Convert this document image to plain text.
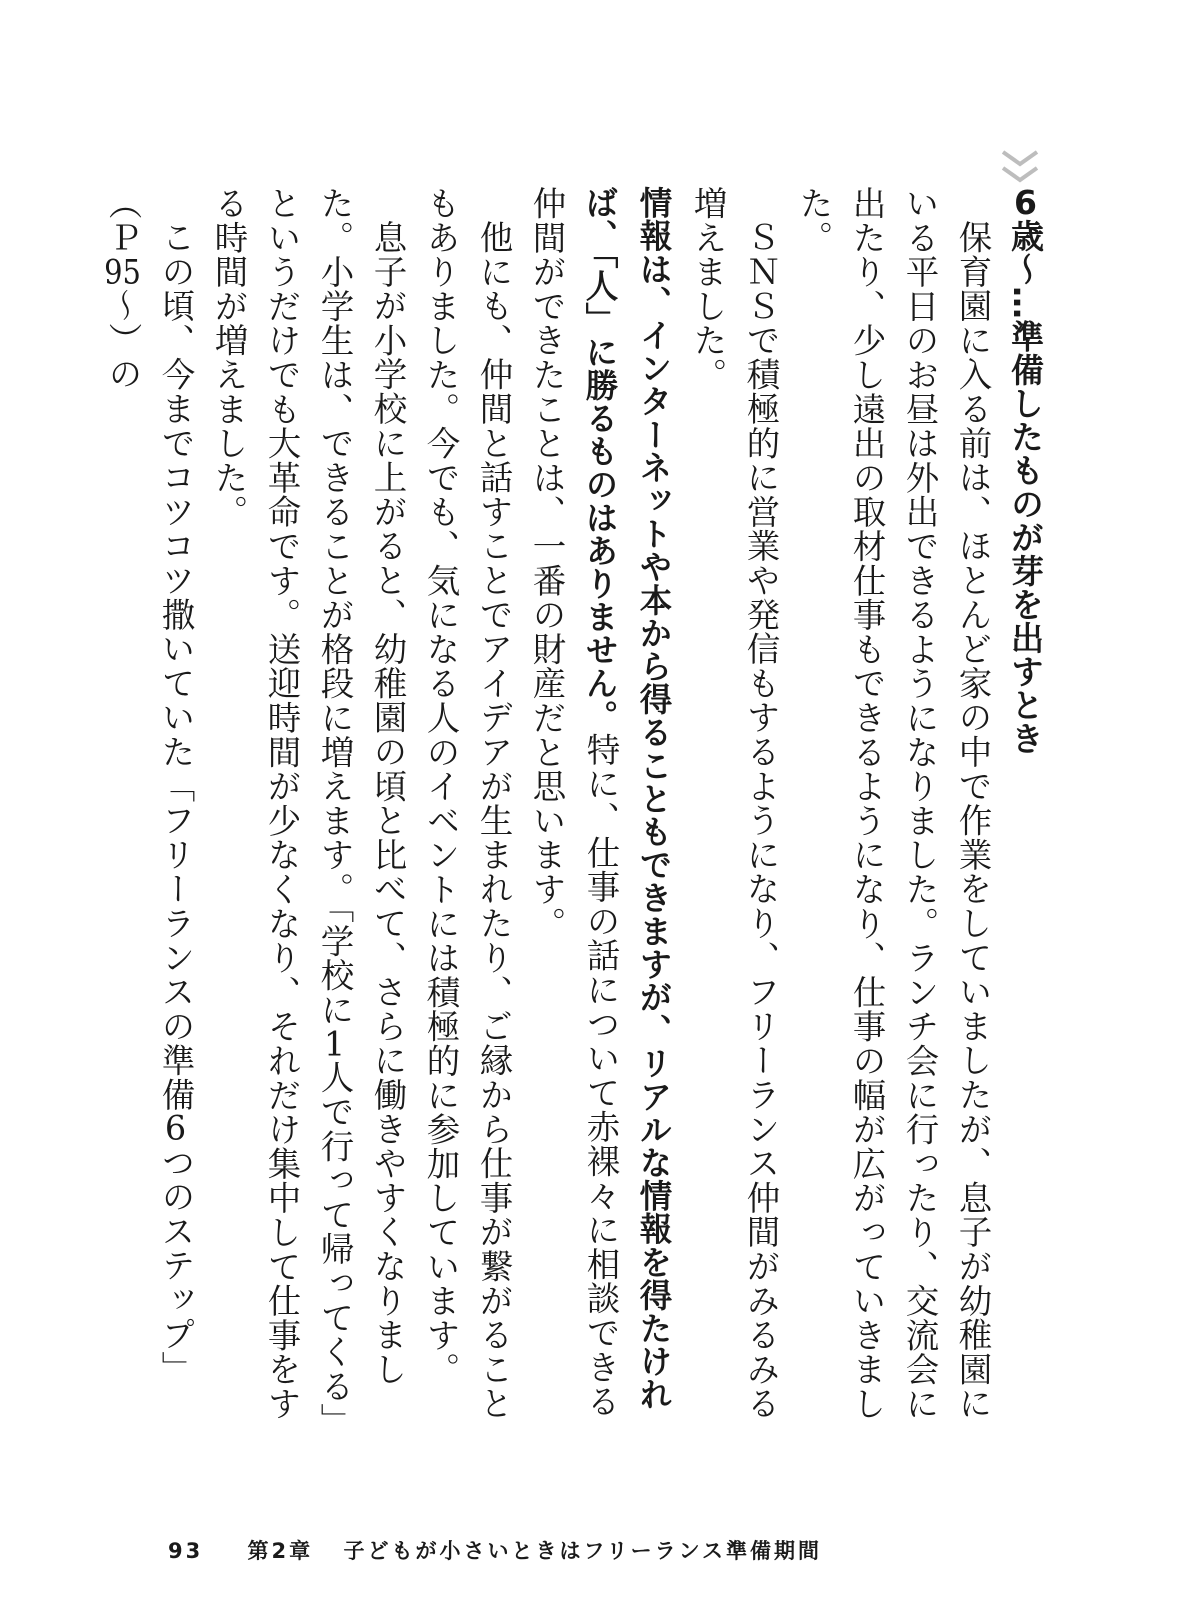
6歳〜…準備したものが芽を出すとき

保育園に入る前は、ほとんど家の中で作業をしていましたが、息子が幼稚園にいる平日のお昼は外出できるようになりました。ランチ会に行ったり、交流会に出たり、少し遠出の取材仕事もできるようになり、仕事の幅が広がっていきました。

ＳＮＳで積極的に営業や発信もするようになり、フリーランス仲間がみるみる増えました。

情報は、インターネットや本から得ることもできますが、リアルな情報を得たければ、「人」に勝るものはありません。特に、仕事の話について赤裸々に相談できる仲間ができたことは、一番の財産だと思います。

他にも、仲間と話すことでアイデアが生まれたり、ご縁から仕事が繋がることもありました。今でも、気になる人のイベントには積極的に参加しています。

息子が小学校に上がると、幼稚園の頃と比べて、さらに働きやすくなりました。小学生は、できることが格段に増えます。「学校に1人で行って帰ってくる」というだけでも大革命です。送迎時間が少なくなり、それだけ集中して仕事をする時間が増えました。

この頃、今までコツコツ撒いていた「フリーランスの準備6つのステップ」（Ｐ95〜）の

93 第2章 子どもが小さいときはフリーランス準備期間
